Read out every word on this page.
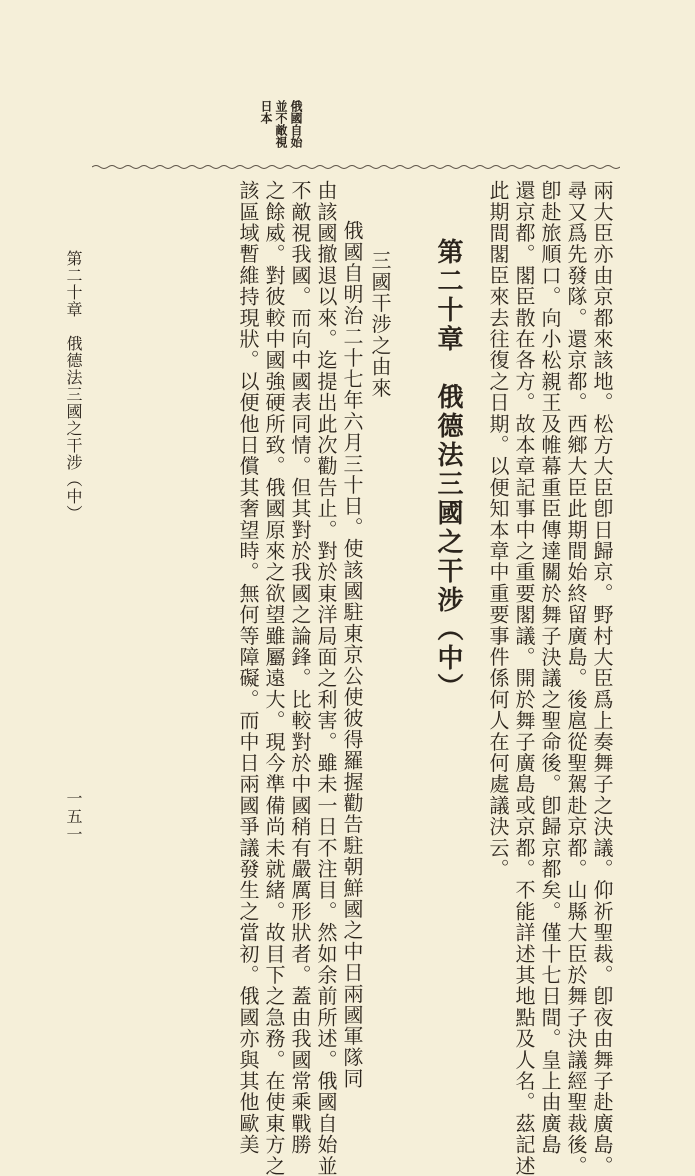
俄國自始
並不敵視
日本
兩大臣亦由京都來該地。松方大臣卽日歸京。野村大臣爲上奏舞子之決議。仰祈聖裁。卽夜由舞子赴廣島。
尋又爲先發隊。還京都。西鄉大臣此期間始終留廣島。後扈從聖駕赴京都。山縣大臣於舞子決議經聖裁後。
卽赴旅順口。向小松親王及帷幕重臣傳達關於舞子決議之聖命後。卽歸京都矣。僅十七日間。皇上由廣島
還京都。閣臣散在各方。故本章記事中之重要閣議。開於舞子廣島或京都。不能詳述其地點及人名。茲記述
此期間閣臣來去往復之日期。以便知本章中重要事件係何人在何處議決云。
第二十章　俄德法三國之干涉（中）
三國干涉之由來
俄國自明治二十七年六月三十日。使該國駐東京公使彼得羅握勸告駐朝鮮國之中日兩國軍隊同
由該國撤退以來。迄提出此次勸告止。對於東洋局面之利害。雖未一日不注目。然如余前所述。俄國自始並
不敵視我國。而向中國表同情。但其對於我國之論鋒。比較對於中國稍有嚴厲形狀者。蓋由我國常乘戰勝
之餘威。對彼較中國強硬所致。俄國原來之欲望雖屬遠大。現今準備尚未就緒。故目下之急務。在使東方之
該區域暫維持現狀。以便他日償其奢望時。無何等障礙。而中日兩國爭議發生之當初。俄國亦與其他歐美
第二十章　俄德法三國之干涉（中）
一五一
